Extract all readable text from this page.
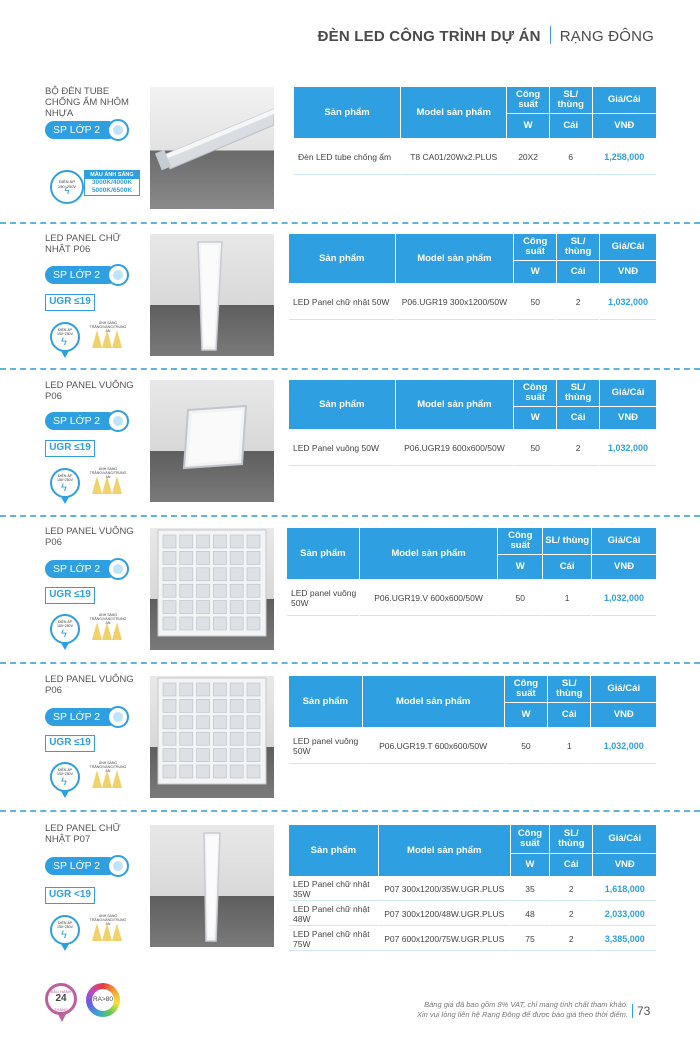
ĐÈN LED CÔNG TRÌNH DỰ ÁN RẠNG ĐÔNG
BỘ ĐÈN TUBE CHỐNG ẨM NHÔM NHỰA
SP LỚP 2
ĐIỆN ÁP 150÷250V
ϟ
MÀU ÁNH SÁNG
3000K/4000K
5000K/6500K
Sản phẩm	Model sản phẩm	Công suất	SL/ thùng	Giá/Cái
		W	Cái	VNĐ
Đèn LED tube chống ẩm	T8 CA01/20Wx2.PLUS	20X2	6	1,258,000
LED PANEL CHỮ NHẬT P06
SP LỚP 2
UGR ≤19
ĐIỆN ÁP 150÷250V
ϟ
ÁNH SÁNG TRẮNG/VÀNG/TRUNG ÁN
Sản phẩm	Model sản phẩm	Công suất	SL/ thùng	Giá/Cái
		W	Cái	VNĐ
LED Panel chữ nhật 50W	P06.UGR19 300x1200/50W	50	2	1,032,000
LED PANEL VUÔNG P06
SP LỚP 2
UGR ≤19
ĐIỆN ÁP 150÷250V
ϟ
ÁNH SÁNG TRẮNG/VÀNG/TRUNG ÁN
Sản phẩm	Model sản phẩm	Công suất	SL/ thùng	Giá/Cái
		W	Cái	VNĐ
LED Panel vuông 50W	P06.UGR19 600x600/50W	50	2	1,032,000
LED PANEL VUÔNG P06
SP LỚP 2
UGR ≤19
ĐIỆN ÁP 150÷250V
ϟ
ÁNH SÁNG TRẮNG/VÀNG/TRUNG ÁN
Sản phẩm	Model sản phẩm	Công suất	SL/ thùng	Giá/Cái
		W	Cái	VNĐ
LED panel vuông 50W	P06.UGR19.V 600x600/50W	50	1	1,032,000
LED PANEL VUÔNG P06
SP LỚP 2
UGR ≤19
ĐIỆN ÁP 150÷250V
ϟ
ÁNH SÁNG TRẮNG/VÀNG/TRUNG ÁN
Sản phẩm	Model sản phẩm	Công suất	SL/ thùng	Giá/Cái
		W	Cái	VNĐ
LED panel vuông 50W	P06.UGR19.T 600x600/50W	50	1	1,032,000
LED PANEL CHỮ NHẬT P07
SP LỚP 2
UGR <19
ĐIỆN ÁP 150÷250V
ϟ
ÁNH SÁNG TRẮNG/VÀNG/TRUNG ÁN
Sản phẩm	Model sản phẩm	Công suất	SL/ thùng	Giá/Cái
		W	Cái	VNĐ
LED Panel chữ nhật 35W	P07 300x1200/35W.UGR.PLUS	35	2	1,618,000
LED Panel chữ nhật 48W	P07 300x1200/48W.UGR.PLUS	48	2	2,033,000
LED Panel chữ nhật 75W	P07 600x1200/75W.UGR.PLUS	75	2	3,385,000
BẢO HÀNH
24
THÁNG
RA>80
Bảng giá đã bao gồm 8% VAT, chỉ mang tính chất tham khảo.
Xin vui lòng liên hệ Rạng Đông để được báo giá theo thời điểm. 73
